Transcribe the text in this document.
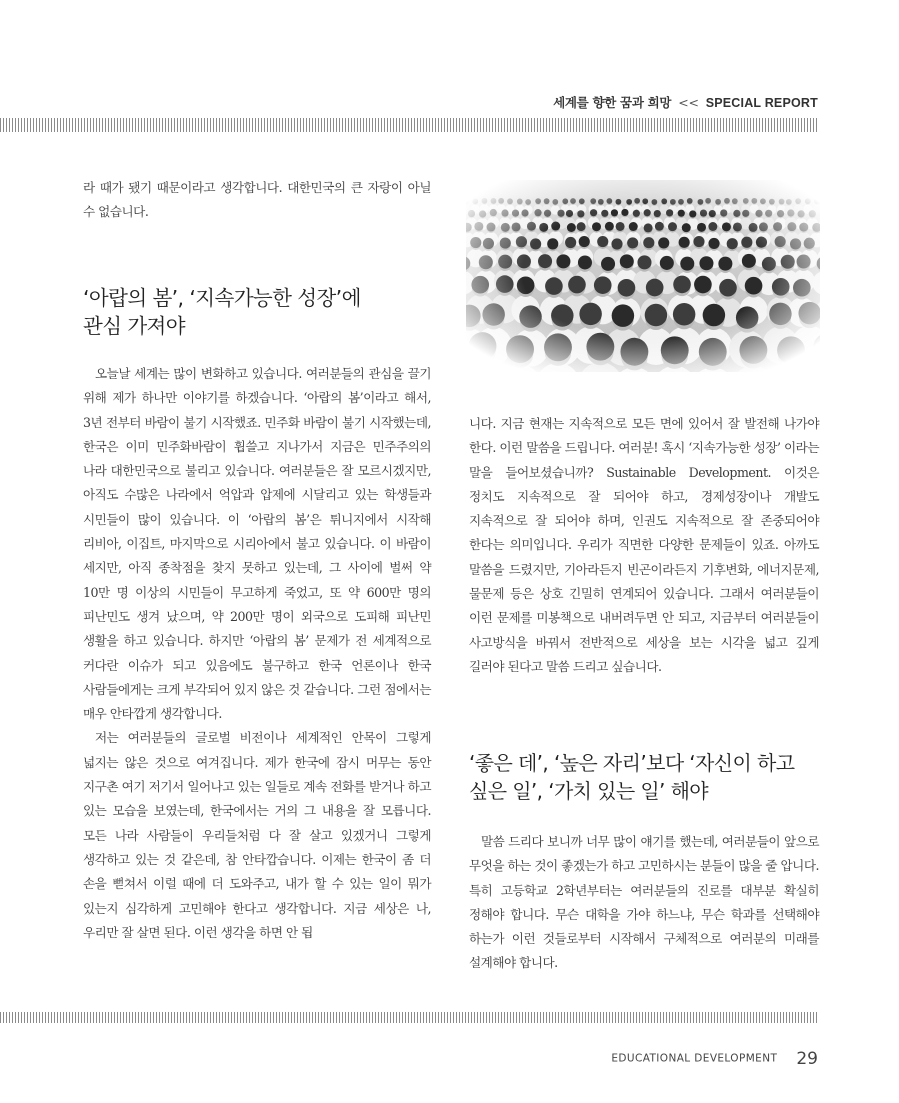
세계를 향한 꿈과 희망 << SPECIAL REPORT

라 때가 됐기 때문이라고 생각합니다. 대한민국의 큰 자랑이 아닐 수 없습니다.

‘아랍의 봄’, ‘지속가능한 성장’에
관심 가져야

오늘날 세계는 많이 변화하고 있습니다. 여러분들의 관심을 끌기 위해 제가 하나만 이야기를 하겠습니다. ‘아랍의 봄’이라고 해서, 3년 전부터 바람이 불기 시작했죠. 민주화 바람이 불기 시작했는데, 한국은 이미 민주화바람이 휩쓸고 지나가서 지금은 민주주의의 나라 대한민국으로 불리고 있습니다. 여러분들은 잘 모르시겠지만, 아직도 수많은 나라에서 억압과 압제에 시달리고 있는 학생들과 시민들이 많이 있습니다. 이 ‘아랍의 봄’은 튀니지에서 시작해 리비아, 이집트, 마지막으로 시리아에서 불고 있습니다. 이 바람이 세지만, 아직 종착점을 찾지 못하고 있는데, 그 사이에 벌써 약 10만 명 이상의 시민들이 무고하게 죽었고, 또 약 600만 명의 피난민도 생겨 났으며, 약 200만 명이 외국으로 도피해 피난민 생활을 하고 있습니다. 하지만 ‘아랍의 봄’ 문제가 전 세계적으로 커다란 이슈가 되고 있음에도 불구하고 한국 언론이나 한국 사람들에게는 크게 부각되어 있지 않은 것 같습니다. 그런 점에서는 매우 안타깝게 생각합니다.

저는 여러분들의 글로벌 비전이나 세계적인 안목이 그렇게 넓지는 않은 것으로 여겨집니다. 제가 한국에 잠시 머무는 동안 지구촌 여기 저기서 일어나고 있는 일들로 계속 전화를 받거나 하고 있는 모습을 보였는데, 한국에서는 거의 그 내용을 잘 모릅니다. 모든 나라 사람들이 우리들처럼 다 잘 살고 있겠거니 그렇게 생각하고 있는 것 같은데, 참 안타깝습니다. 이제는 한국이 좀 더 손을 뻗쳐서 이럴 때에 더 도와주고, 내가 할 수 있는 일이 뭐가 있는지 심각하게 고민해야 한다고 생각합니다. 지금 세상은 나, 우리만 잘 살면 된다. 이런 생각을 하면 안 됩

니다. 지금 현재는 지속적으로 모든 면에 있어서 잘 발전해 나가야 한다. 이런 말씀을 드립니다. 여러분! 혹시 ‘지속가능한 성장’ 이라는 말을 들어보셨습니까? Sustainable Development. 이것은 정치도 지속적으로 잘 되어야 하고, 경제성장이나 개발도 지속적으로 잘 되어야 하며, 인권도 지속적으로 잘 존중되어야 한다는 의미입니다. 우리가 직면한 다양한 문제들이 있죠. 아까도 말씀을 드렸지만, 기아라든지 빈곤이라든지 기후변화, 에너지문제, 물문제 등은 상호 긴밀히 연계되어 있습니다. 그래서 여러분들이 이런 문제를 미봉책으로 내버려두면 안 되고, 지금부터 여러분들이 사고방식을 바꿔서 전반적으로 세상을 보는 시각을 넓고 깊게 길러야 된다고 말씀 드리고 싶습니다.

‘좋은 데’, ‘높은 자리’보다 ‘자신이 하고
싶은 일’, ‘가치 있는 일’ 해야

말씀 드리다 보니까 너무 많이 얘기를 했는데, 여러분들이 앞으로 무엇을 하는 것이 좋겠는가 하고 고민하시는 분들이 많을 줄 압니다. 특히 고등학교 2학년부터는 여러분들의 진로를 대부분 확실히 정해야 합니다. 무슨 대학을 가야 하느냐, 무슨 학과를 선택해야 하는가 이런 것들로부터 시작해서 구체적으로 여러분의 미래를 설계해야 합니다.

EDUCATIONAL DEVELOPMENT 29
